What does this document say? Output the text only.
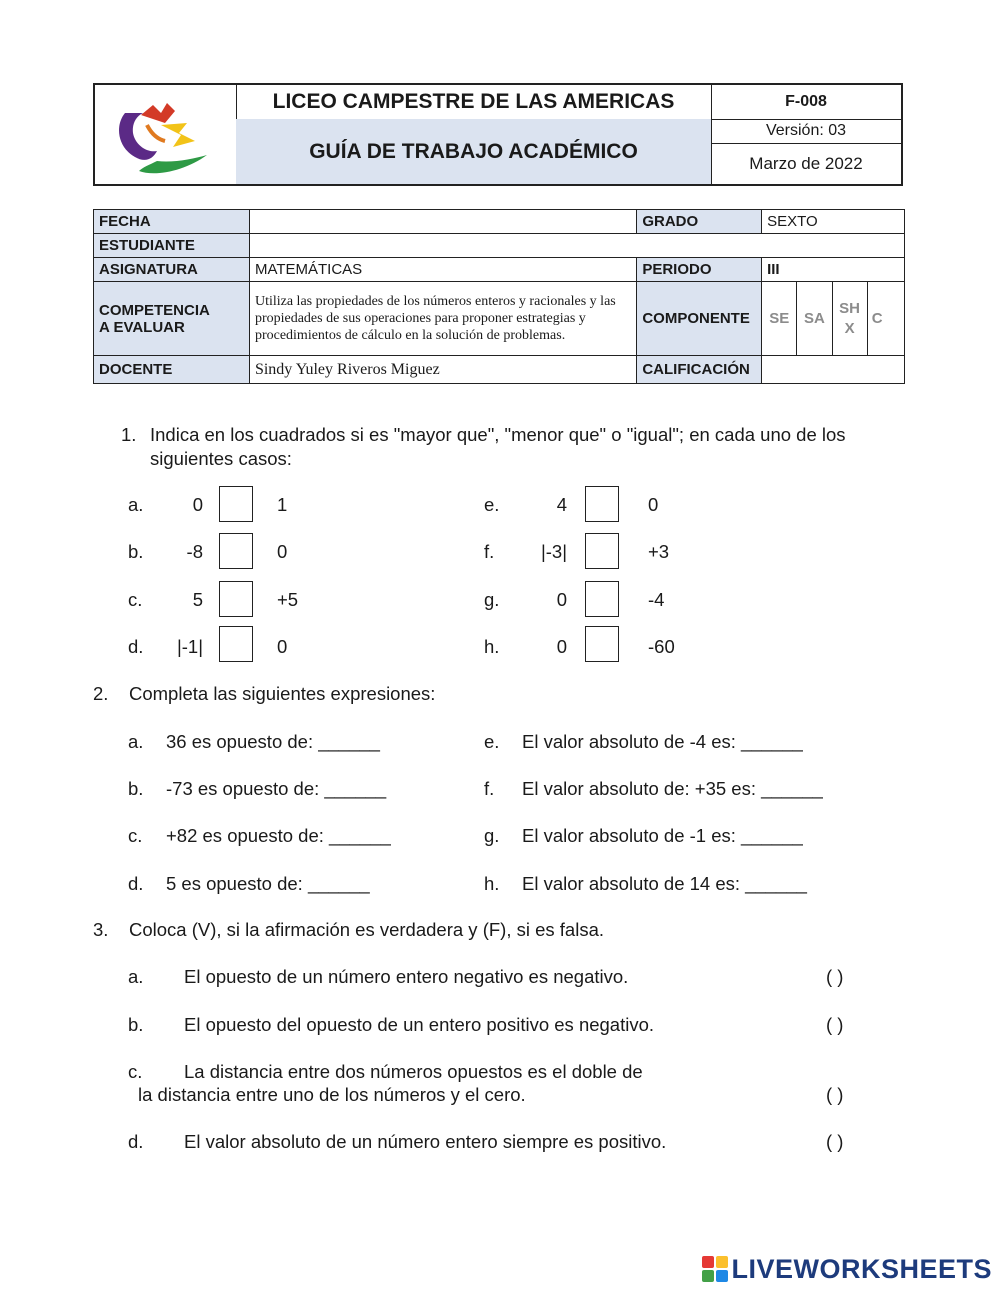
LICEO CAMPESTRE DE LAS AMERICAS
GUÍA DE TRABAJO ACADÉMICO
F-008
Versión: 03
Marzo de 2022
FECHA		GRADO	SEXTO			
ESTUDIANTE						
ASIGNATURA	MATEMÁTICAS	PERIODO	III			

COMPETENCIA
A EVALUAR	Utiliza las propiedades de los números enteros y racionales y las propiedades de sus operaciones para proponer estrategias y procedimientos de cálculo en la solución de problemas.	COMPONENTE	SE	SA	SH X	C
DOCENTE	Sindy Yuley Riveros Miguez	CALIFICACIÓN				
1. Indica en los cuadrados si es "mayor que", "menor que" o "igual"; en cada uno de los
siguientes casos:
a.	0	1
b.	-8	0
c.	5	+5
d.	|-1|	0
e.	4	0
f.	|-3|	+3
g.	0	-4
h.	0	-60
2. Completa las siguientes expresiones:
a. 36 es opuesto de: ______
b. -73 es opuesto de: ______
c. +82 es opuesto de: ______
d. 5 es opuesto de: ______
e. El valor absoluto de -4 es: ______
f. El valor absoluto de: +35 es: ______
g. El valor absoluto de -1 es: ______
h. El valor absoluto de 14 es: ______
3. Coloca (V), si la afirmación es verdadera y (F), si es falsa.
a. El opuesto de un número entero negativo es negativo.	( )
b. El opuesto del opuesto de un entero positivo es negativo.	( )
c. La distancia entre dos números opuestos es el doble de
la distancia entre uno de los números y el cero.	( )
d. El valor absoluto de un número entero siempre es positivo.	( )
LIVEWORKSHEETS
